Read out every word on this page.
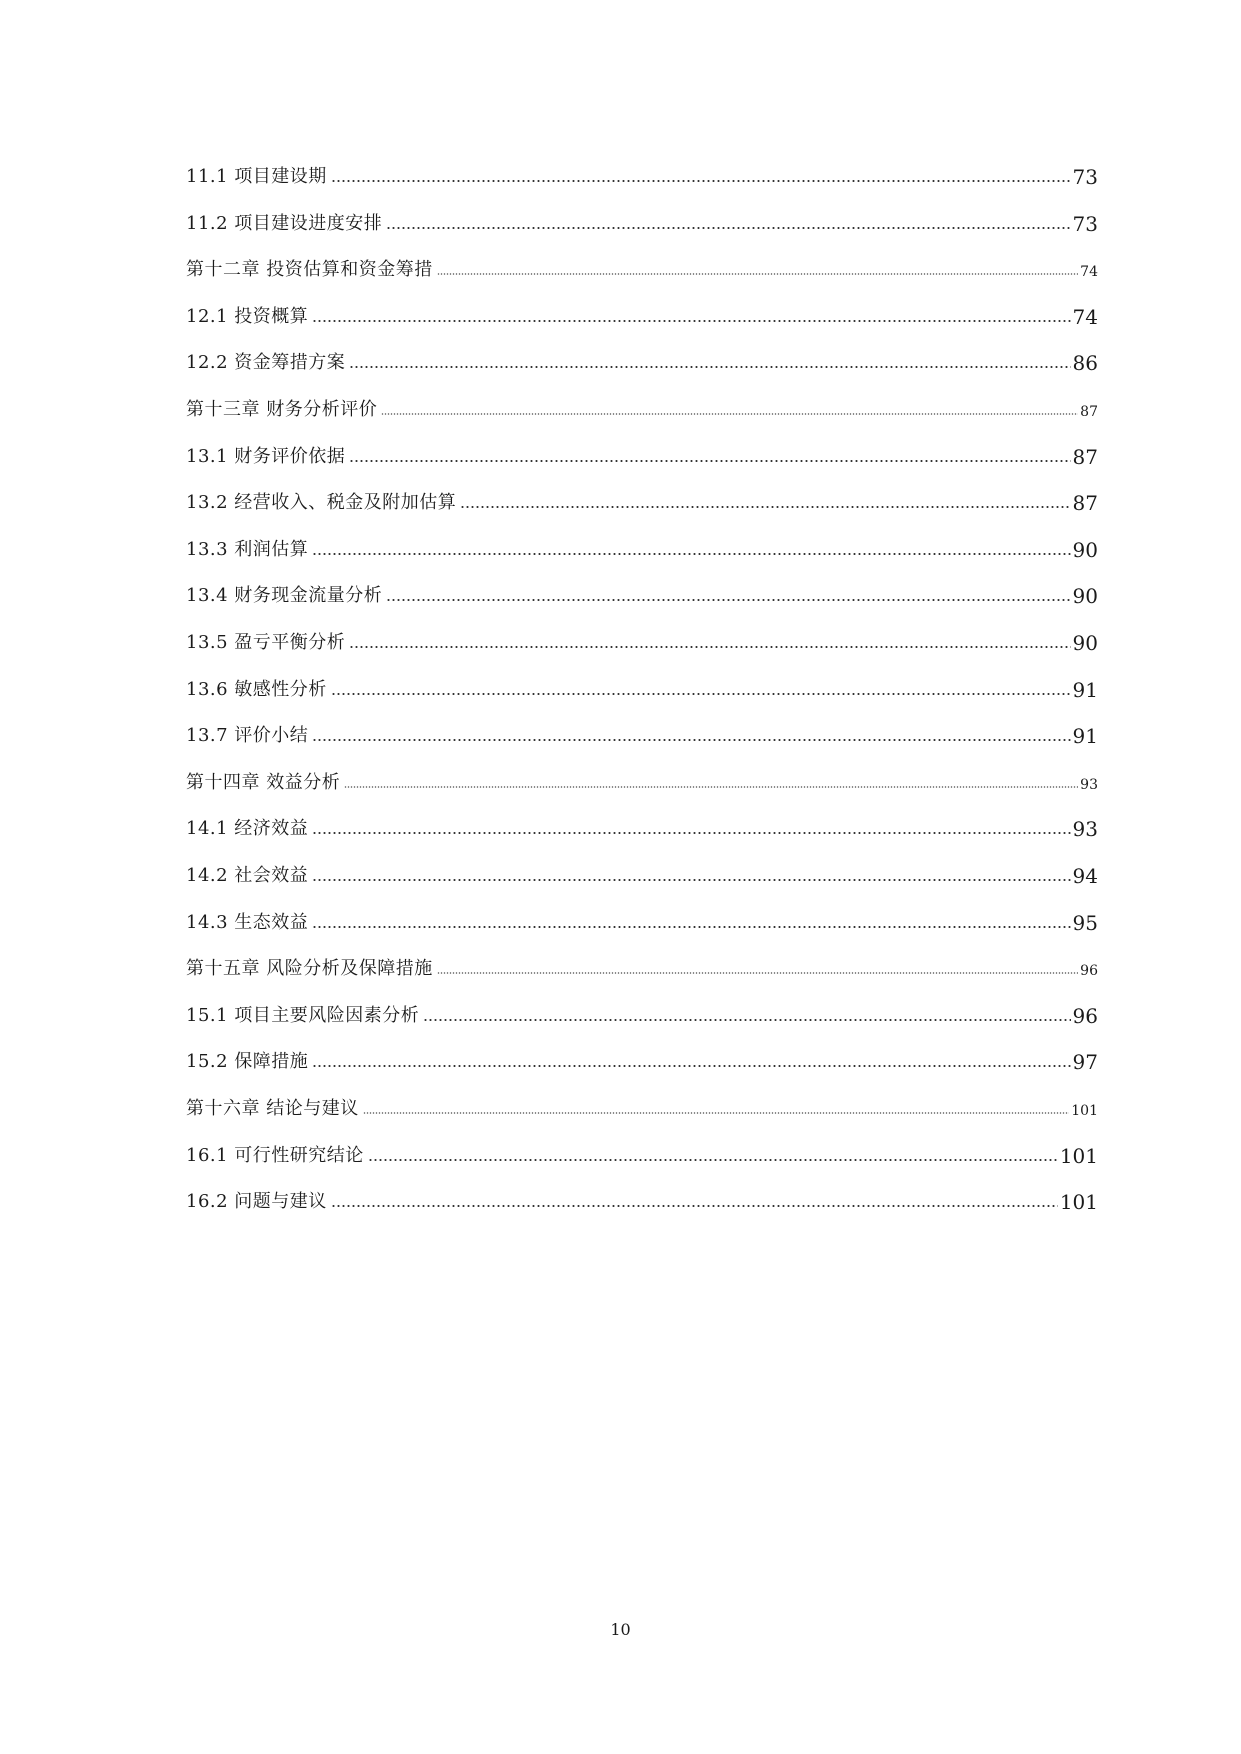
11.1 项目建设期	73
11.2 项目建设进度安排	73
第十二章 投资估算和资金筹措	74
12.1 投资概算	74
12.2 资金筹措方案	86
第十三章 财务分析评价	87
13.1 财务评价依据	87
13.2 经营收入、税金及附加估算	87
13.3 利润估算	90
13.4 财务现金流量分析	90
13.5 盈亏平衡分析	90
13.6 敏感性分析	91
13.7 评价小结	91
第十四章 效益分析	93
14.1 经济效益	93
14.2 社会效益	94
14.3 生态效益	95
第十五章 风险分析及保障措施	96
15.1 项目主要风险因素分析	96
15.2 保障措施	97
第十六章 结论与建议	101
16.1 可行性研究结论	101
16.2 问题与建议	101
10
